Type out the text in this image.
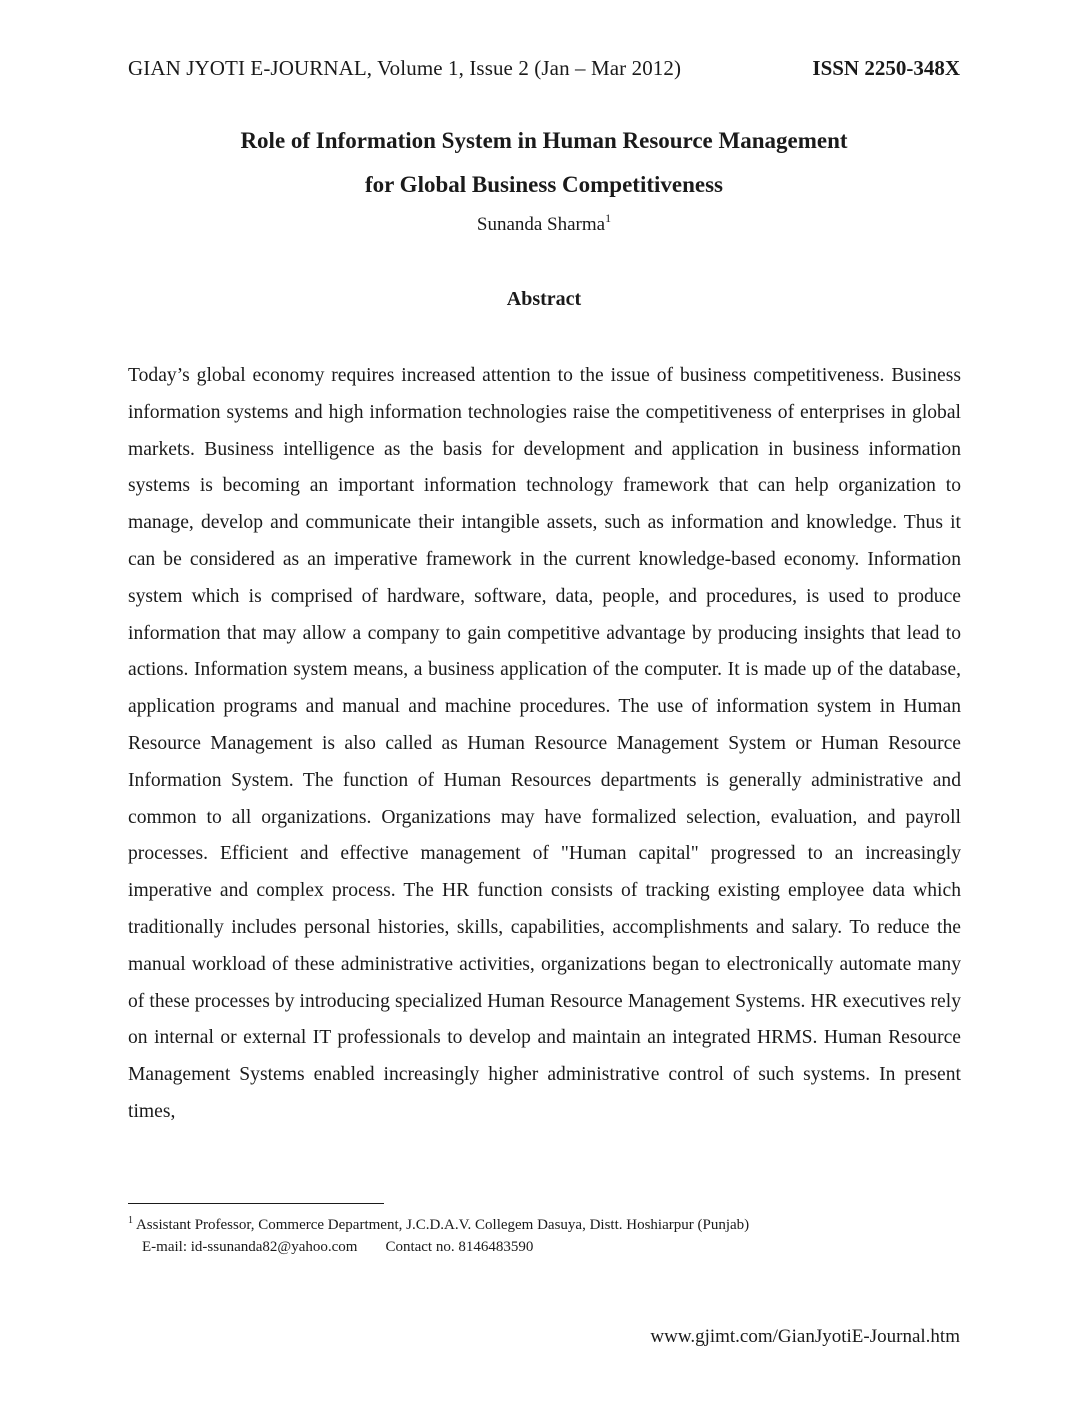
GIAN JYOTI E-JOURNAL, Volume 1, Issue 2 (Jan – Mar 2012)	ISSN 2250-348X
Role of Information System in Human Resource Management
for Global Business Competitiveness
Sunanda Sharma$^1$
Abstract
Today’s global economy requires increased attention to the issue of business competitiveness. Business information systems and high information technologies raise the competitiveness of enterprises in global markets. Business intelligence as the basis for development and application in business information systems is becoming an important information technology framework that can help organization to manage, develop and communicate their intangible assets, such as information and knowledge. Thus it can be considered as an imperative framework in the current knowledge-based economy. Information system which is comprised of hardware, software, data, people, and procedures, is used to produce information that may allow a company to gain competitive advantage by producing insights that lead to actions. Information system means, a business application of the computer. It is made up of the database, application programs and manual and machine procedures. The use of information system in Human Resource Management is also called as Human Resource Management System or Human Resource Information System. The function of Human Resources departments is generally administrative and common to all organizations. Organizations may have formalized selection, evaluation, and payroll processes. Efficient and effective management of "Human capital" progressed to an increasingly imperative and complex process. The HR function consists of tracking existing employee data which traditionally includes personal histories, skills, capabilities, accomplishments and salary. To reduce the manual workload of these administrative activities, organizations began to electronically automate many of these processes by introducing specialized Human Resource Management Systems. HR executives rely on internal or external IT professionals to develop and maintain an integrated HRMS. Human Resource Management Systems enabled increasingly higher administrative control of such systems. In present times,
$^1$ Assistant Professor, Commerce Department, J.C.D.A.V. Collegem Dasuya, Distt. Hoshiarpur (Punjab)
E-mail: id-ssunanda82@yahoo.com Contact no. 8146483590
www.gjimt.com/GianJyotiE-Journal.htm
